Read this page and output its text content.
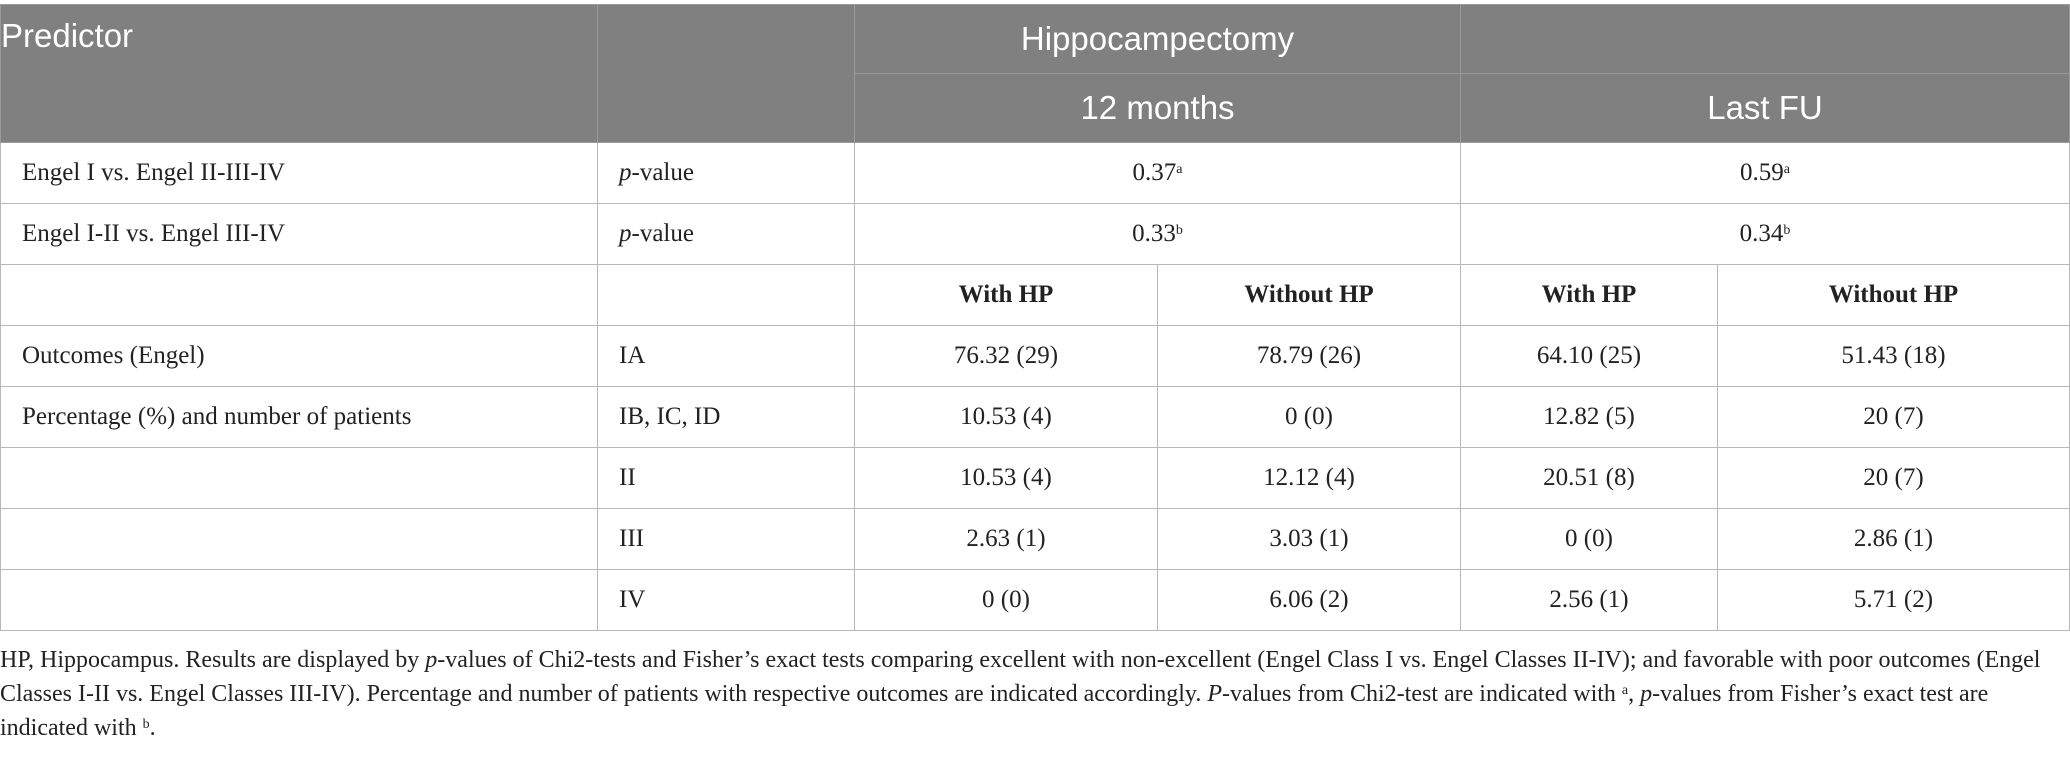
Predictor		Hippocampectomy			
		12 months		Last FU	
Engel I vs. Engel II-III-IV	p-value	0.37$^a$		0.59$^a$
Engel I-II vs. Engel III-IV	p-value	0.33$^b$		0.34$^b$
		With HP	Without HP	With HP	Without HP
Outcomes (Engel)	IA	76.32 (29)	78.79 (26)	64.10 (25)	51.43 (18)
Percentage (%) and number of patients	IB, IC, ID	10.53 (4)	0 (0)	12.82 (5)	20 (7)
	II	10.53 (4)	12.12 (4)	20.51 (8)	20 (7)
	III	2.63 (1)	3.03 (1)	0 (0)	2.86 (1)
	IV	0 (0)	6.06 (2)	2.56 (1)	5.71 (2)

HP, Hippocampus. Results are displayed by p-values of Chi2-tests and Fisher’s exact tests comparing excellent with non-excellent (Engel Class I vs. Engel Classes II-IV); and favorable with poor outcomes (Engel Classes I-II vs. Engel Classes III-IV). Percentage and number of patients with respective outcomes are indicated accordingly. P-values from Chi2-test are indicated with $^a$, p-values from Fisher’s exact test are indicated with $^b$.
